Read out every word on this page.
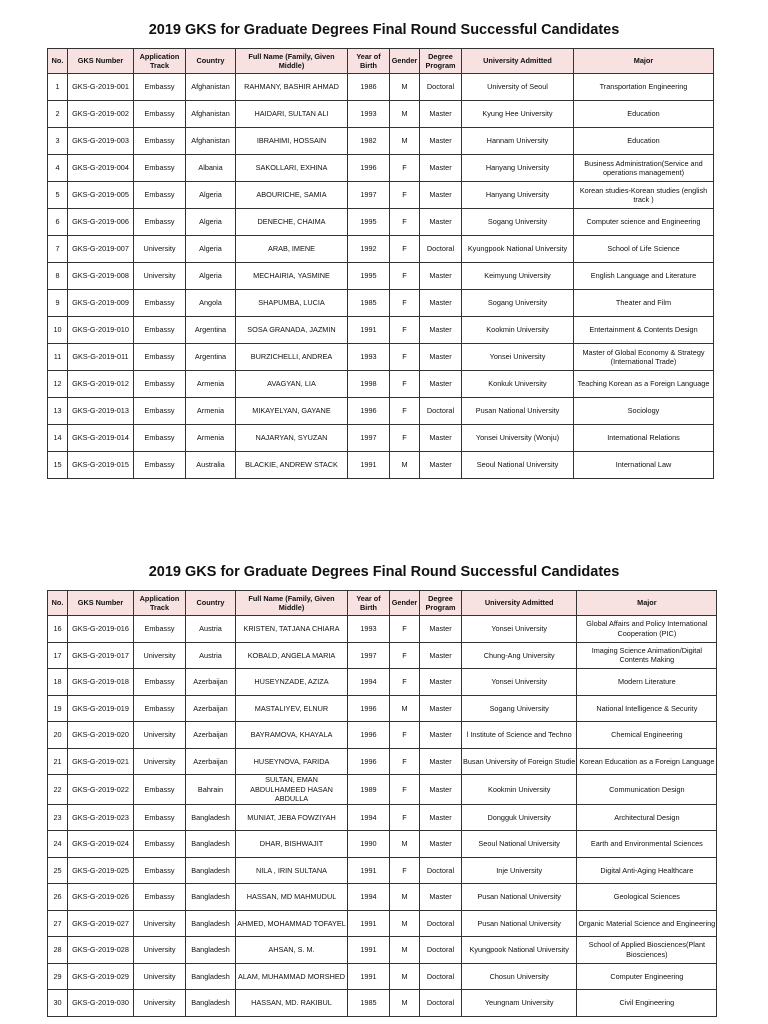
2019 GKS for Graduate Degrees Final Round Successful Candidates
No.	GKS Number	Application Track	Country	Full Name (Family, Given Middle)	Year of Birth	Gender	Degree Program	University Admitted	Major
1	GKS-G-2019-001	Embassy	Afghanistan	RAHMANY, BASHIR AHMAD	1986	M	Doctoral	University of Seoul	Transportation Engineering
2	GKS-G-2019-002	Embassy	Afghanistan	HAIDARI, SULTAN ALI	1993	M	Master	Kyung Hee University	Education
3	GKS-G-2019-003	Embassy	Afghanistan	IBRAHIMI, HOSSAIN	1982	M	Master	Hannam University	Education
4	GKS-G-2019-004	Embassy	Albania	SAKOLLARI, EXHINA	1996	F	Master	Hanyang University	Business Administration(Service and operations management)
5	GKS-G-2019-005	Embassy	Algeria	ABOURICHE, SAMIA	1997	F	Master	Hanyang University	Korean studies-Korean studies (english track )
6	GKS-G-2019-006	Embassy	Algeria	DENECHE, CHAIMA	1995	F	Master	Sogang University	Computer science and Engineering
7	GKS-G-2019-007	University	Algeria	ARAB, IMENE	1992	F	Doctoral	Kyungpook National University	School of Life Science
8	GKS-G-2019-008	University	Algeria	MECHAIRIA, YASMINE	1995	F	Master	Keimyung University	English Language and Literature
9	GKS-G-2019-009	Embassy	Angola	SHAPUMBA, LUCIA	1985	F	Master	Sogang University	Theater and Film
10	GKS-G-2019-010	Embassy	Argentina	SOSA GRANADA, JAZMIN	1991	F	Master	Kookmin University	Entertainment & Contents Design
11	GKS-G-2019-011	Embassy	Argentina	BURZICHELLI, ANDREA	1993	F	Master	Yonsei University	Master of Global Economy & Strategy (International Trade)
12	GKS-G-2019-012	Embassy	Armenia	AVAGYAN, LIA	1998	F	Master	Konkuk University	Teaching Korean as a Foreign Language
13	GKS-G-2019-013	Embassy	Armenia	MIKAYELYAN, GAYANE	1996	F	Doctoral	Pusan National University	Sociology
14	GKS-G-2019-014	Embassy	Armenia	NAJARYAN, SYUZAN	1997	F	Master	Yonsei University (Wonju)	International Relations
15	GKS-G-2019-015	Embassy	Australia	BLACKIE, ANDREW STACK	1991	M	Master	Seoul National University	International Law
2019 GKS for Graduate Degrees Final Round Successful Candidates
No.	GKS Number	Application Track	Country	Full Name (Family, Given Middle)	Year of Birth	Gender	Degree Program	University Admitted	Major
16	GKS-G-2019-016	Embassy	Austria	KRISTEN, TATJANA CHIARA	1993	F	Master	Yonsei University	Global Affairs and Policy International Cooperation (PIC)
17	GKS-G-2019-017	University	Austria	KOBALD, ANGELA MARIA	1997	F	Master	Chung-Ang University	Imaging Science Animation/Digital Contents Making
18	GKS-G-2019-018	Embassy	Azerbaijan	HUSEYNZADE, AZIZA	1994	F	Master	Yonsei University	Modern Literature
19	GKS-G-2019-019	Embassy	Azerbaijan	MASTALIYEV, ELNUR	1996	M	Master	Sogang University	National Intelligence & Security
20	GKS-G-2019-020	University	Azerbaijan	BAYRAMOVA, KHAYALA	1996	F	Master	l Institute of Science and Techno	Chemical Engineering
21	GKS-G-2019-021	University	Azerbaijan	HUSEYNOVA, FARIDA	1996	F	Master	Busan University of Foreign Studie	Korean Education as a Foreign Language
22	GKS-G-2019-022	Embassy	Bahrain	SULTAN, EMAN ABDULHAMEED HASAN ABDULLA	1989	F	Master	Kookmin University	Communication Design
23	GKS-G-2019-023	Embassy	Bangladesh	MUNIAT, JEBA FOWZIYAH	1994	F	Master	Dongguk University	Architectural Design
24	GKS-G-2019-024	Embassy	Bangladesh	DHAR, BISHWAJIT	1990	M	Master	Seoul National University	Earth and Environmental Sciences
25	GKS-G-2019-025	Embassy	Bangladesh	NILA , IRIN SULTANA	1991	F	Doctoral	Inje University	Digital Anti-Aging Healthcare
26	GKS-G-2019-026	Embassy	Bangladesh	HASSAN, MD MAHMUDUL	1994	M	Master	Pusan National University	Geological Sciences
27	GKS-G-2019-027	University	Bangladesh	AHMED, MOHAMMAD TOFAYEL	1991	M	Doctoral	Pusan National University	Organic Material Science and Engineering
28	GKS-G-2019-028	University	Bangladesh	AHSAN, S. M.	1991	M	Doctoral	Kyungpook National University	School of Applied Biosciences(Plant Biosciences)
29	GKS-G-2019-029	University	Bangladesh	ALAM, MUHAMMAD MORSHED	1991	M	Doctoral	Chosun University	Computer Engineering
30	GKS-G-2019-030	University	Bangladesh	HASSAN, MD. RAKIBUL	1985	M	Doctoral	Yeungnam University	Civil Engineering
